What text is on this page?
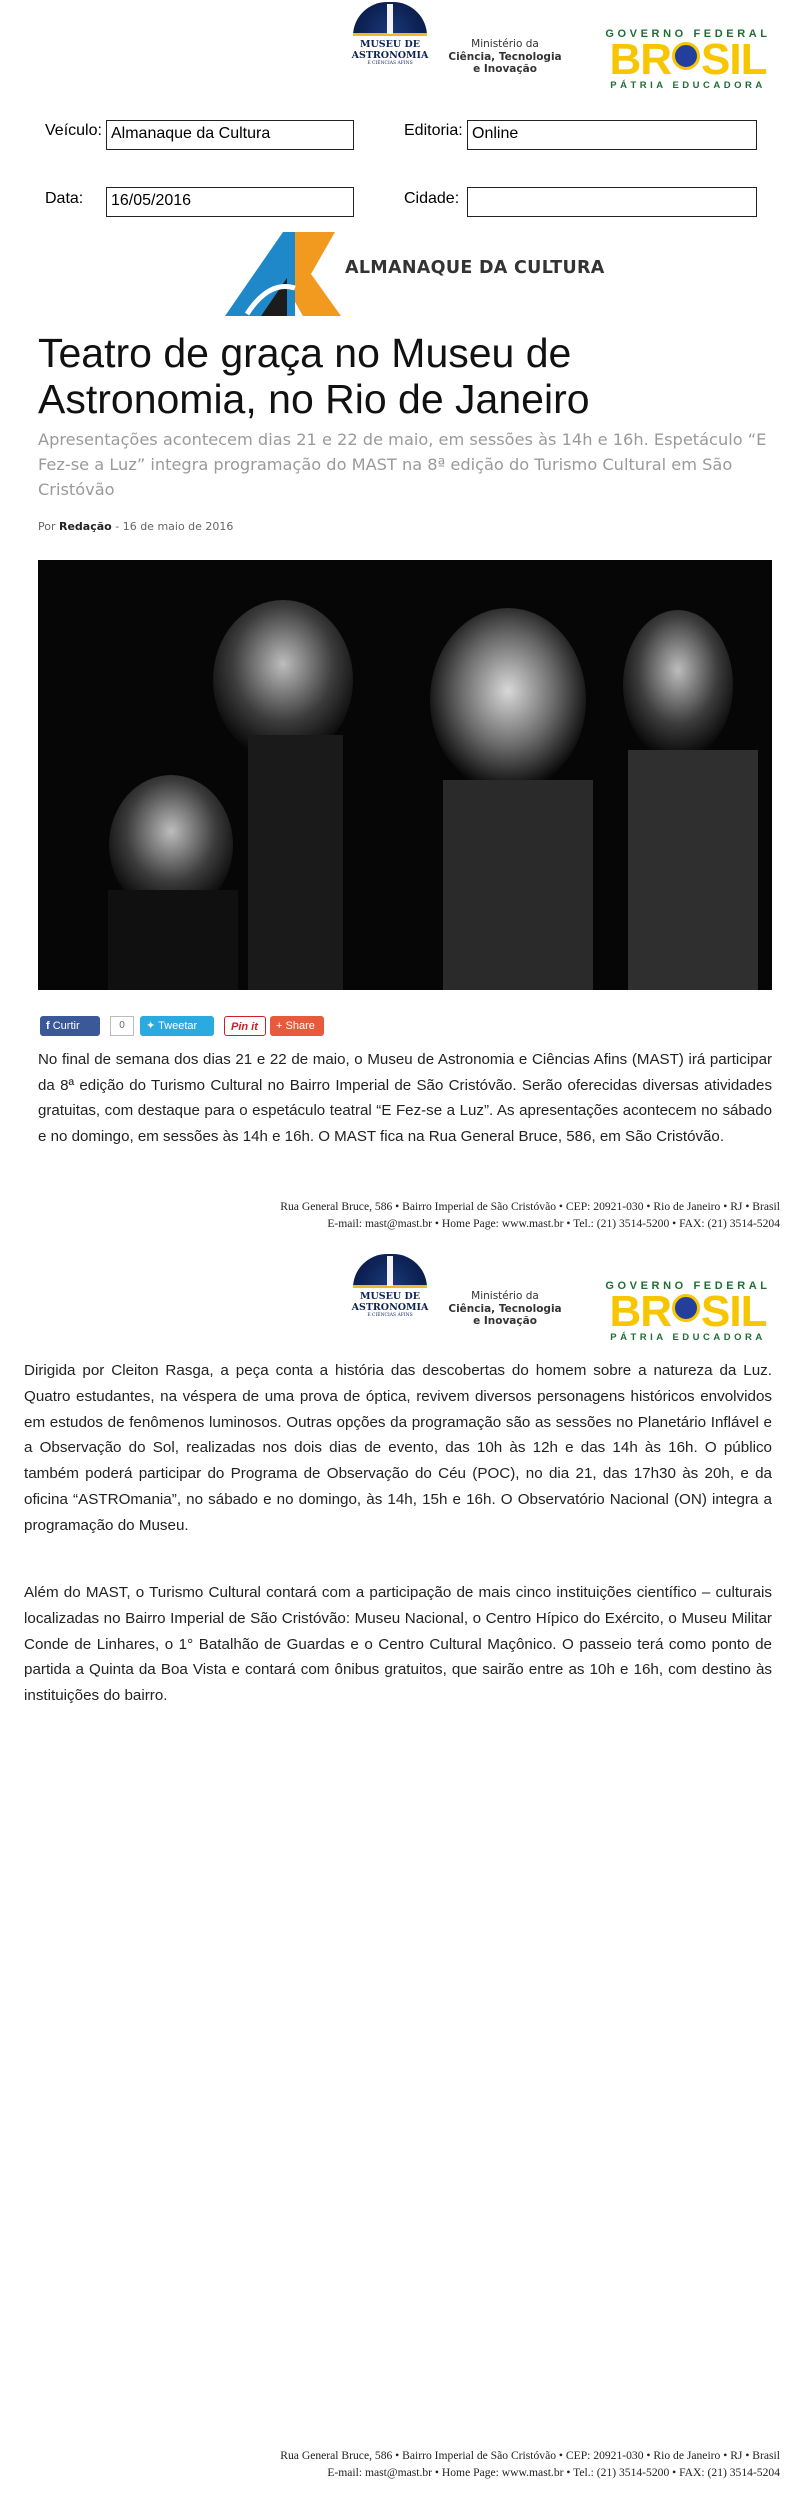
MUSEU DE
ASTRONOMIA
E CIÊNCIAS AFINS
Ministério da
Ciência, Tecnologia
e Inovação
GOVERNO FEDERAL
BR SIL
PÁTRIA EDUCADORA
Veículo: Almanaque da Cultura	Editoria: Online
Data:	16/05/2016	Cidade:
ALMANAQUE DA CULTURA
Teatro de graça no Museu de Astronomia, no Rio de Janeiro
Apresentações acontecem dias 21 e 22 de maio, em sessões às 14h e 16h. Espetáculo “E Fez-se a Luz” integra programação do MAST na 8ª edição do Turismo Cultural em São Cristóvão
Por Redação - 16 de maio de 2016
f Curtir	0	✦ Tweetar	Pin it	+ Share
No final de semana dos dias 21 e 22 de maio, o Museu de Astronomia e Ciências Afins (MAST) irá participar da 8ª edição do Turismo Cultural no Bairro Imperial de São Cristóvão. Serão oferecidas diversas atividades gratuitas, com destaque para o espetáculo teatral “E Fez-se a Luz”. As apresentações acontecem no sábado e no domingo, em sessões às 14h e 16h. O MAST fica na Rua General Bruce, 586, em São Cristóvão.
Rua General Bruce, 586 • Bairro Imperial de São Cristóvão • CEP: 20921-030 • Rio de Janeiro • RJ • Brasil
E-mail: mast@mast.br • Home Page: www.mast.br • Tel.: (21) 3514-5200 • FAX: (21) 3514-5204
MUSEU DE
ASTRONOMIA
E CIÊNCIAS AFINS
Ministério da
Ciência, Tecnologia
e Inovação
GOVERNO FEDERAL
BR SIL
PÁTRIA EDUCADORA
Dirigida por Cleiton Rasga, a peça conta a história das descobertas do homem sobre a natureza da Luz. Quatro estudantes, na véspera de uma prova de óptica, revivem diversos personagens históricos envolvidos em estudos de fenômenos luminosos. Outras opções da programação são as sessões no Planetário Inflável e a Observação do Sol, realizadas nos dois dias de evento, das 10h às 12h e das 14h às 16h. O público também poderá participar do Programa de Observação do Céu (POC), no dia 21, das 17h30 às 20h, e da oficina “ASTROmania”, no sábado e no domingo, às 14h, 15h e 16h. O Observatório Nacional (ON) integra a programação do Museu.
Além do MAST, o Turismo Cultural contará com a participação de mais cinco instituições científico – culturais localizadas no Bairro Imperial de São Cristóvão: Museu Nacional, o Centro Hípico do Exército, o Museu Militar Conde de Linhares, o 1° Batalhão de Guardas e o Centro Cultural Maçônico. O passeio terá como ponto de partida a Quinta da Boa Vista e contará com ônibus gratuitos, que sairão entre as 10h e 16h, com destino às instituições do bairro.
Rua General Bruce, 586 • Bairro Imperial de São Cristóvão • CEP: 20921-030 • Rio de Janeiro • RJ • Brasil
E-mail: mast@mast.br • Home Page: www.mast.br • Tel.: (21) 3514-5200 • FAX: (21) 3514-5204
